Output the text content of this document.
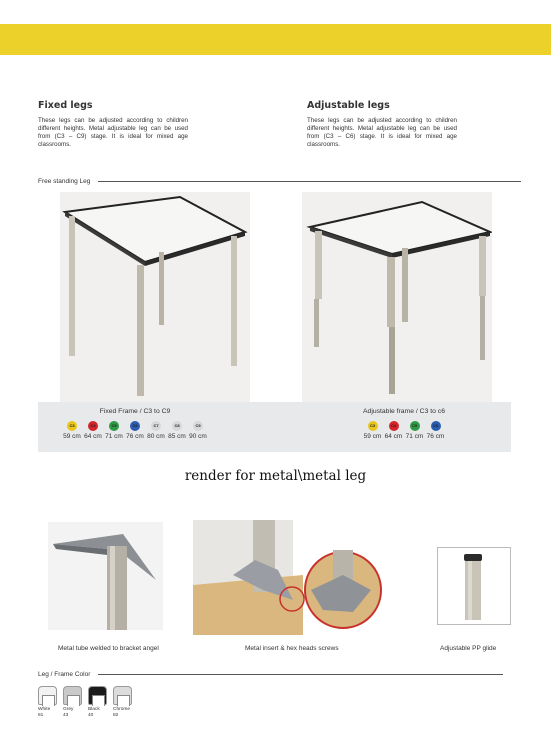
Fixed legs

These legs can be adjusted according to children different heights. Metal adjustable leg can be used from (C3 – C9) stage. It is ideal for mixed age classrooms.

Adjustable legs

These legs can be adjusted according to children different heights. Metal adjustable leg can be used from (C3 – C6) stage. It is ideal for mixed age classrooms.

Free standing Leg
Fixed Frame / C3 to C9
C3
59 cm
C4
64 cm
C5
71 cm
C6
76 cm
C7
80 cm
C8
85 cm
C9
90 cm
Adjustable frame / C3 to c6
C3
59 cm
C4
64 cm
C5
71 cm
C6
76 cm
render for metal\metal leg
Metal tube welded to bracket angel	Metal insert & hex heads screws	Adjustable PP glide
Leg / Frame Color
White
81
Grey
43
Black
40
Chrome
82
